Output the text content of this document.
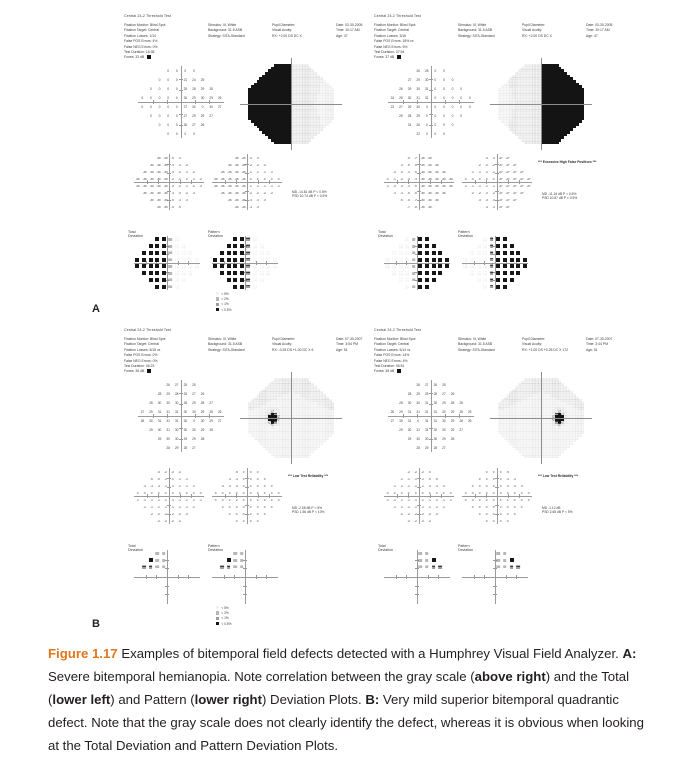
Central 24-2 Threshold Test
Fixation Monitor: Blind Spot
Fixation Target: Central
Fixation Losses: 1/14
False POS Errors: 4%
False NEG Errors: 0%
Test Duration: 16:38
Stimulus: III, White
Background: 31.5 ASB
Strategy: SITA-Standard
Pupil Diameter:
Visual Acuity:
RX: +2.00 DS DC X
Date: 03-30-2005
Time: 10:17 AM
Age: 47
Fovea: 33 dB
0 0 0 0
0 0 0 21 24 25
0 0 0 0 25 28 29 28
0 0 0 0 0 26 29 30 29 26
0 0 0 0 0 27 30 0 30 27
0 0 0 0 27 29 29 27
0 0 0 26 27 26
0 0 0 0
-30 -30 -5 -4
-30 -30 -30 -4 -3 -2
-30 -30 -30 -30 -3 -2 -1 -2
-30 -30 -30 -30 -30 -2 -1 0 -1 -2
-30 -30 -30 -30 -30 -3 -2 -1 -2 -3
-30 -30 -30 -30 -4 -3 -2 -3
-30 -30 -30 -5 -4 -3
-30 -30 -6 -5
-26 -26 -3 -3
-26 -26 -26 -2 -2 -2
-26 -26 -26 -26 -1 -1 -1 -1
-26 -26 -26 -26 -26 0 0 0 0 0
-26 -26 -26 -26 -26 -1 -1 -1 -1 -1
-26 -26 -26 -26 -2 -2 -2 -2
-26 -26 -26 -3 -3 -3
-26 -26 -4 -4
MD -14.81 dB P < 0.5%
PSD 10.74 dB P < 0.5%
Total
Deviation
Pattern
Deviation
Central 24-2 Threshold Test
Fixation Monitor: Blind Spot
Fixation Target: Central
Fixation Losses: 3/16
False POS Errors: 18% xx
False NEG Errors: 6%
Test Duration: 07:54
Stimulus: III, White
Background: 31.5 ASB
Strategy: SITA-Standard
Pupil Diameter:
Visual Acuity:
RX: +2.00 DS DC X
Date: 03-30-2005
Time: 10:17 AM
Age: 47
Fovea: 37 dB
26 28 0 0
27 29 30 0 0 0
26 29 30 31 0 0 0 0
24 28 30 31 31 0 0 0 0 0
23 27 29 30 0 0 0 0 0 0
25 28 29 0 0 0 0 0
24 26 0 0 0 0
22 0 0 0
-6 -7 -30 -30
-4 -5 -6 -30 -30 -30
-2 -3 -4 -5 -30 -30 -30 -30
0 -1 -2 -3 -4 -30 -30 -30 -30 -30
-1 -2 -3 -4 -5 -30 -30 -30 -30 -30
-3 -4 -5 -6 -30 -30 -30 -30
-5 -6 -7 -30 -30 -30
-7 -8 -30 -30
-3 -3 -27 -27
-2 -2 -2 -27 -27 -27
-1 -1 -1 -1 -27 -27 -27 -27
0 0 0 0 0 -27 -27 -27 -27 -27
-1 -1 -1 -1 -1 -27 -27 -27 -27 -27
-2 -2 -2 -2 -27 -27 -27 -27
-3 -3 -3 -27 -27 -27
-4 -4 -27 -27
MD -11.16 dB P < 0.5%
PSD 10.87 dB P < 0.5%
*** Excessive High False Positives ***
Total
Deviation
Pattern
Deviation
Central 24-2 Threshold Test
Fixation Monitor: Blind Spot
Fixation Target: Central
Fixation Losses: 5/15 xx
False POS Errors: 0%
False NEG Errors: 0%
Test Duration: 06:23
Stimulus: III, White
Background: 31.5 ASB
Strategy: SITA-Standard
Pupil Diameter:
Visual Acuity:
RX: -0.25 DS +1.00 DC X 6
Date: 07-30-2007
Time: 3:54 PM
Age: 51
Fovea: 36 dB
26 27 25 25
28 29 28 25 27 26
28 30 30 30 28 29 28 27
27 29 31 31 31 30 30 29 28 26
28 30 31 31 31 30 0 30 29 27
29 30 31 30 30 30 29 28
29 30 30 29 29 28
28 29 28 27
-6 -2 -2 -2
-5 -5 -1 -1 -1 -1
-4 -4 -4 -1 -1 -1 -1 -1
0 0 0 0 0 0 0 0 0 0
-1 -1 -1 -1 -1 -1 -1 -1 -1 -1
-1 -1 -1 -1 -1 -1 -1 -1
-2 -2 -2 -2 -2 -2
-2 -2 -2 -2
-5 0 0 0
-4 -4 0 0 0 0
-3 -3 -3 0 0 0 0 0
0 0 0 0 0 0 0 0 0 0
0 0 0 0 0 0 0 0 0 0
0 0 0 0 0 0 0 0
0 0 0 0 0 0
0 0 0 0
MD -2.08 dB P < 5%
PSD 1.56 dB P < 10%
*** Low Test Reliability ***
Total
Deviation
Pattern
Deviation
Central 24-2 Threshold Test
Fixation Monitor: Blind Spot
Fixation Target: Central
Fixation Losses: 5/14 xx
False POS Errors: 14%
False NEG Errors: 4%
Test Duration: 06:51
Stimulus: III, White
Background: 31.5 ASB
Strategy: SITA-Standard
Pupil Diameter:
Visual Acuity:
RX: +1.00 DS +0.25 DC X 172
Date: 07-30-2007
Time: 3:44 PM
Age: 51
Fovea: 38 dB
26 27 26 25
28 29 29 28 27 26
28 30 30 31 30 29 28 26
26 29 31 31 31 31 30 29 28 25
27 30 31 0 31 31 30 29 28 26
29 30 31 31 30 30 29 27
29 30 30 30 29 28
28 29 28 27
-2 -2 -2 -6
-1 -1 -1 -1 -5 -5
-1 -1 -1 -1 -1 -4 -4 -4
0 0 0 0 0 0 0 0 0 0
-1 -1 -1 -1 -1 -1 -1 -1 -1 -1
-1 -1 -1 -1 -1 -1 -1 -1
-2 -2 -2 -2 -2 -2
-2 -2 -2 -2
0 0 0 -5
0 0 0 0 -4 -4
0 0 0 0 0 -3 -3 -3
0 0 0 0 0 0 0 0 0 0
0 0 0 0 0 0 0 0 0 0
0 0 0 0 0 0 0 0
0 0 0 0 0 0
0 0 0 0
MD -1.12 dB
PSD 2.65 dB P < 5%
*** Low Test Reliability ***
Total
Deviation
Pattern
Deviation
< 5%
< 2%
< 1%
< 0.5%
< 5%
< 2%
< 1%
< 0.5%
A
B
Figure 1.17 Examples of bitemporal field defects detected with a Humphrey Visual Field Analyzer. A: Severe bitemporal hemianopia. Note correlation between the gray scale (above right) and the Total (lower left) and Pattern (lower right) Deviation Plots. B: Very mild superior bitemporal quadrantic defect. Note that the gray scale does not clearly identify the defect, whereas it is obvious when looking at the Total Deviation and Pattern Deviation Plots.
